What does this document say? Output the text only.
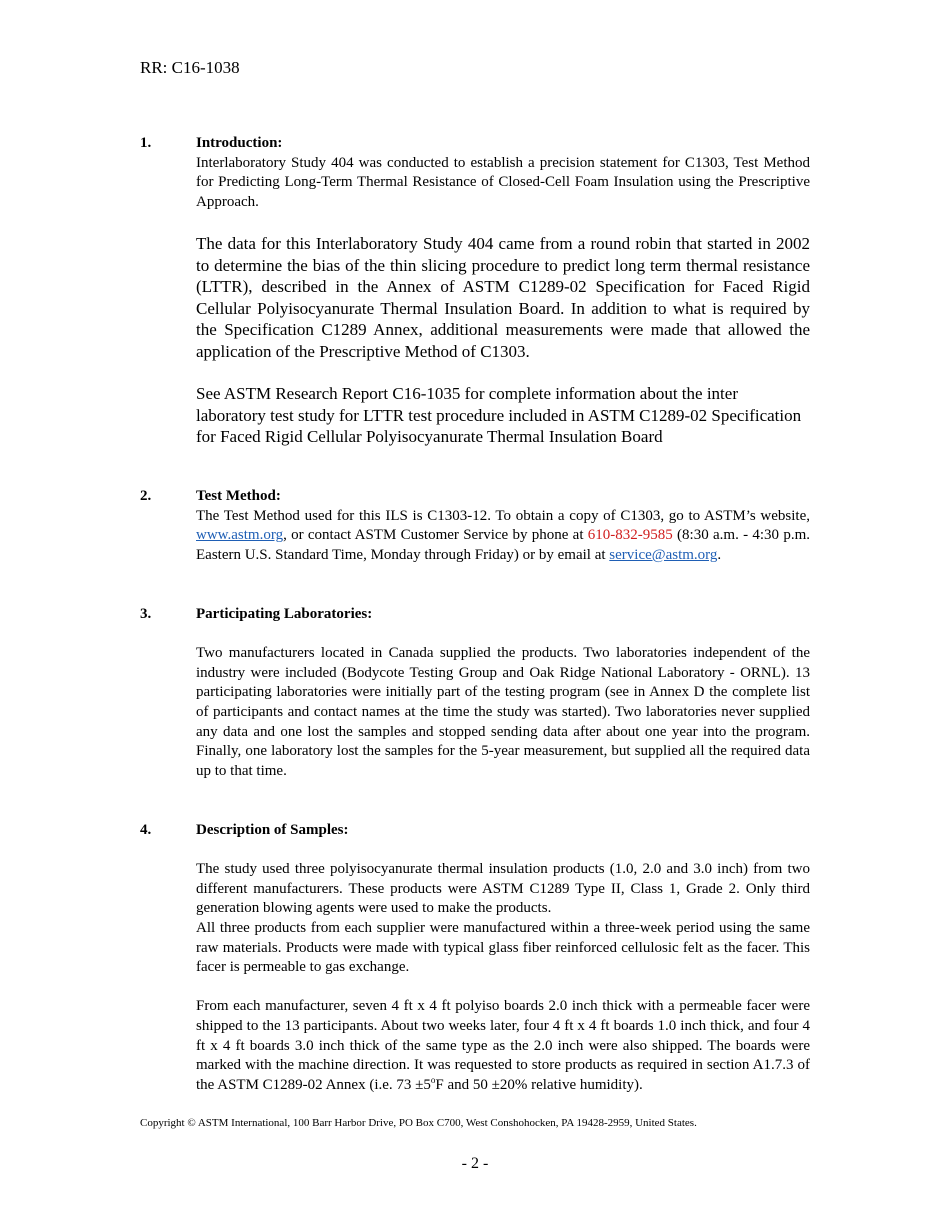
RR: C16-1038
1.	Introduction:
Interlaboratory Study 404 was conducted to establish a precision statement for C1303, Test Method for Predicting Long-Term Thermal Resistance of Closed-Cell Foam Insulation using the Prescriptive Approach.
The data for this Interlaboratory Study 404 came from a round robin that started in 2002 to determine the bias of the thin slicing procedure to predict long term thermal resistance (LTTR), described in the Annex of ASTM C1289-02 Specification for Faced Rigid Cellular Polyisocyanurate Thermal Insulation Board. In addition to what is required by the Specification C1289 Annex, additional measurements were made that allowed the application of the Prescriptive Method of C1303.
See ASTM Research Report C16-1035 for complete information about the inter laboratory test study for LTTR test procedure included in ASTM C1289-02 Specification for Faced Rigid Cellular Polyisocyanurate Thermal Insulation Board
2.	Test Method:
The Test Method used for this ILS is C1303-12. To obtain a copy of C1303, go to ASTM’s website, www.astm.org, or contact ASTM Customer Service by phone at 610-832-9585 (8:30 a.m. - 4:30 p.m. Eastern U.S. Standard Time, Monday through Friday) or by email at service@astm.org.
3.	Participating Laboratories:
Two manufacturers located in Canada supplied the products. Two laboratories independent of the industry were included (Bodycote Testing Group and Oak Ridge National Laboratory - ORNL). 13 participating laboratories were initially part of the testing program (see in Annex D the complete list of participants and contact names at the time the study was started). Two laboratories never supplied any data and one lost the samples and stopped sending data after about one year into the program. Finally, one laboratory lost the samples for the 5-year measurement, but supplied all the required data up to that time.
4.	Description of Samples:
The study used three polyisocyanurate thermal insulation products (1.0, 2.0 and 3.0 inch) from two different manufacturers. These products were ASTM C1289 Type II, Class 1, Grade 2. Only third generation blowing agents were used to make the products.
All three products from each supplier were manufactured within a three-week period using the same raw materials. Products were made with typical glass fiber reinforced cellulosic felt as the facer. This facer is permeable to gas exchange.
From each manufacturer, seven 4 ft x 4 ft polyiso boards 2.0 inch thick with a permeable facer were shipped to the 13 participants. About two weeks later, four 4 ft x 4 ft boards 1.0 inch thick, and four 4 ft x 4 ft boards 3.0 inch thick of the same type as the 2.0 inch were also shipped. The boards were marked with the machine direction. It was requested to store products as required in section A1.7.3 of the ASTM C1289-02 Annex (i.e. $73 \pm 5^oF$ and 50 ±20% relative humidity).
Copyright © ASTM International, 100 Barr Harbor Drive, PO Box C700, West Conshohocken, PA 19428-2959, United States.
- 2 -
